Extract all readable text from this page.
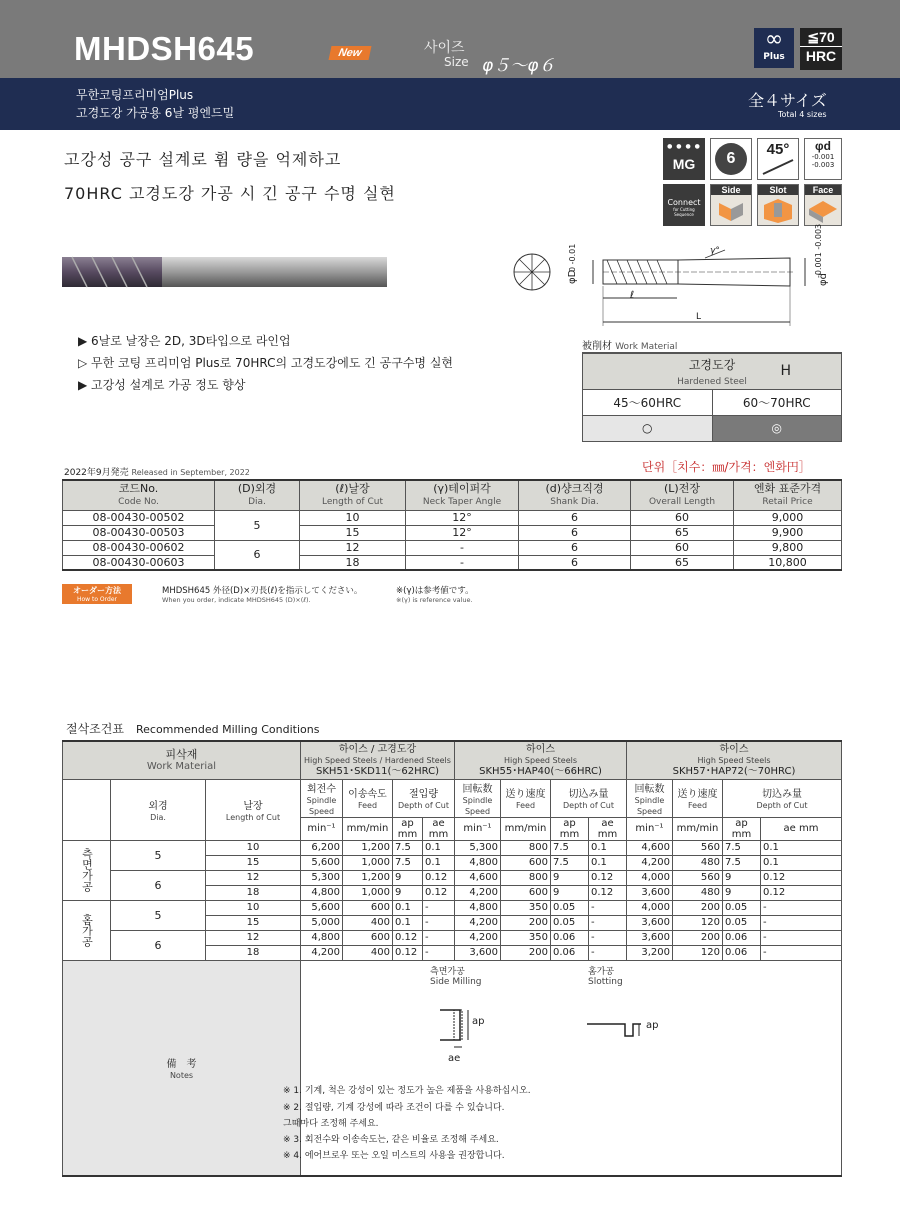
MHDSH645	New	사이즈
Size φ５～φ６
∞
Plus
≦70
HRC
무한코팅프리미엄Plus
고경도강 가공용 6날 평엔드밀
全４サイズ
Total 4 sizes
고강성 공구 설계로 휨 량을 억제하고
70HRC 고경도강 가공 시 긴 공구 수명 실현
● ● ● ●
MG	6
45°	φd
-0.001
-0.003
Connect
for Cutting Sequence
Side	Slot	Face
γ°
φD
0 -0.01
ℓ
L
φd
-0.001 -0.003
▶ 6날로 날장은 2D, 3D타입으로 라인업
▷ 무한 코팅 프리미엄 Plus로 70HRC의 고경도강에도 긴 공구수명 실현
▶ 고강성 설계로 가공 정도 향상
被削材 Work Material
고경도강
Hardened Steel
H	

45〜60HRC	60〜70HRC
○	◎
2022年9月発売 Released in September, 2022	단위［치수：㎜/가격：엔화円］
코드No.
Code No.	(D)외경
Dia.	(ℓ)날장
Length of Cut	(γ)테이퍼각
Neck Taper Angle	(d)샹크직경
Shank Dia.	(L)전장
Overall Length	엔화 표준가격
Retail Price
08-00430-00502	5	10	12°	6	60	9,000
08-00430-00503		15	12°	6	65	9,900
08-00430-00602	6	12	-	6	60	9,800
08-00430-00603		18	-	6	65	10,800
オーダー方法
How to Order
MHDSH645 外径(D)×刃長(ℓ)を指示してください。
When you order, indicate MHDSH645 (D)×(ℓ).
※(γ)は参考値です。
※(γ) is reference value.
절삭조건표　 Recommended Milling Conditions
피삭재
Work Material			하이스 / 고경도강
High Speed Steels / Hardened Steels
SKH51･SKD11(〜62HRC)				하이스
High Speed Steels
SKH55･HAP40(〜66HRC)				하이스
High Speed Steels
SKH57･HAP72(〜70HRC)			
	외경
Dia.	날장
Length of Cut	회전수
Spindle Speed	이송속도
Feed	절입량
Depth of Cut		回転数
Spindle Speed	送り速度
Feed	切込み量
Depth of Cut		回転数
Spindle Speed	送り速度
Feed	切込み量
Depth of Cut	
			min⁻¹	mm/min	ap mm	ae mm	min⁻¹	mm/min	ap mm	ae mm	min⁻¹	mm/min	ap mm	ae mm
측면가공	5	10	6,200	1,200	7.5	0.1	5,300	800	7.5	0.1	4,600	560	7.5	0.1
		15	5,600	1,000	7.5	0.1	4,800	600	7.5	0.1	4,200	480	7.5	0.1
	6	12	5,300	1,200	9	0.12	4,600	800	9	0.12	4,000	560	9	0.12
		18	4,800	1,000	9	0.12	4,200	600	9	0.12	3,600	480	9	0.12
홈가공	5	10	5,600	600	0.1	-	4,800	350	0.05	-	4,000	200	0.05	-
		15	5,000	400	0.1	-	4,200	200	0.05	-	3,600	120	0.05	-
	6	12	4,800	600	0.12	-	4,200	350	0.06	-	3,600	200	0.06	-
		18	4,200	400	0.12	-	3,600	200	0.06	-	3,200	120	0.06	-
備　考
Notes														
측면가공
Side Milling
홈가공
Slotting
ap
ae
ap
※ 1. 기계, 척은 강성이 있는 정도가 높은 제품을 사용하십시오.
※ 2. 절입량, 기계 강성에 따라 조건이 다를 수 있습니다.
그때마다 조정해 주세요.
※ 3. 회전수와 이송속도는, 같은 비율로 조정해 주세요.
※ 4. 에어브로우 또는 오일 미스트의 사용을 권장합니다.
